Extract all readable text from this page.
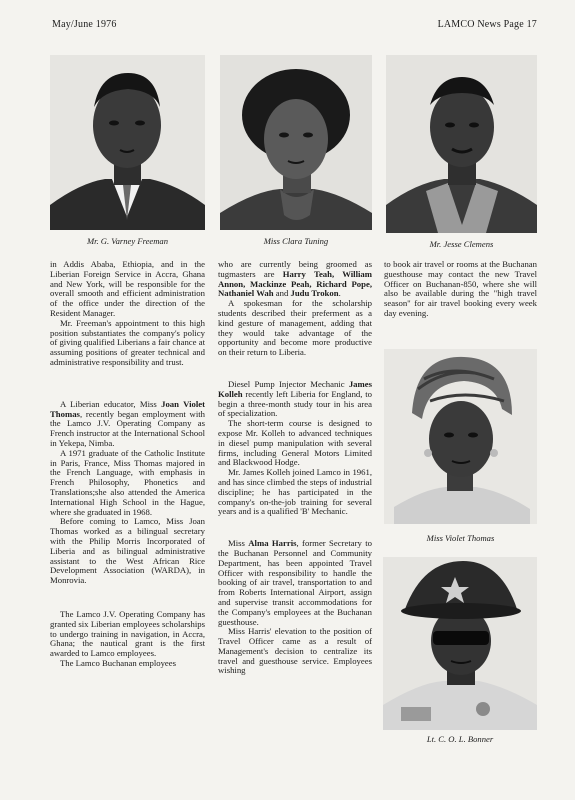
May/June 1976	LAMCO News Page 17
Mr. G. Varney Freeman	Miss Clara Tuning	Mr. Jesse Clemens
Miss Violet Thomas
Lt. C. O. L. Bonner

in Addis Ababa, Ethiopia, and in the Liberian Foreign Service in Accra, Ghana and New York, will be responsible for the overall smooth and efficient administration of the office under the direction of the Resident Manager.

Mr. Freeman's appointment to this high position substantiates the company's policy of giving qualified Liberians a fair chance at assuming positions of greater technical and administrative responsibility and trust.

A Liberian educator, Miss Joan Violet Thomas, recently began employment with the Lamco J.V. Operating Company as French instructor at the International School in Yekepa, Nimba.

A 1971 graduate of the Catholic Institute in Paris, France, Miss Thomas majored in the French Language, with emphasis in French Philosophy, Phonetics and Translations;she also attended the America International High School in the Hague, where she graduated in 1968.

Before coming to Lamco, Miss Joan Thomas worked as a bilingual secretary with the Philip Morris Incorporated of Liberia and as bilingual administrative assistant to the West African Rice Development Association (WARDA), in Monrovia.

The Lamco J.V. Operating Company has granted six Liberian employees scholarships to undergo training in navigation, in Accra, Ghana; the nautical grant is the first awarded to Lamco employees.

The Lamco Buchanan employees

who are currently being groomed as tugmasters are Harry Teah, William Annon, Mackinze Peah, Richard Pope, Nathaniel Wah and Judu Trokon.

A spokesman for the scholarship students described their preferment as a kind gesture of management, adding that they would take advantage of the opportunity and become more productive on their return to Liberia.

Diesel Pump Injector Mechanic James Kolleh recently left Liberia for England, to begin a three-month study tour in his area of specialization.

The short-term course is designed to expose Mr. Kolleh to advanced techniques in diesel pump manipulation with several firms, including General Motors Limited and Blackwood Hodge.

Mr. James Kolleh joined Lamco in 1961, and has since climbed the steps of industrial discipline; he has participated in the company's on-the-job training for several years and is a qualified 'B' Mechanic.

Miss Alma Harris, former Secretary to the Buchanan Personnel and Community Department, has been appointed Travel Officer with responsibility to handle the booking of air travel, transportation to and from Roberts International Airport, assign and supervise transit accommodations for the Company's employees at the Buchanan guesthouse.

Miss Harris' elevation to the position of Travel Officer came as a result of Management's decision to centralize its travel and guesthouse service. Employees wishing

to book air travel or rooms at the Buchanan guesthouse may contact the new Travel Officer on Buchanan-850, where she will also be available during the "high travel season" for air travel booking every week day evening.
